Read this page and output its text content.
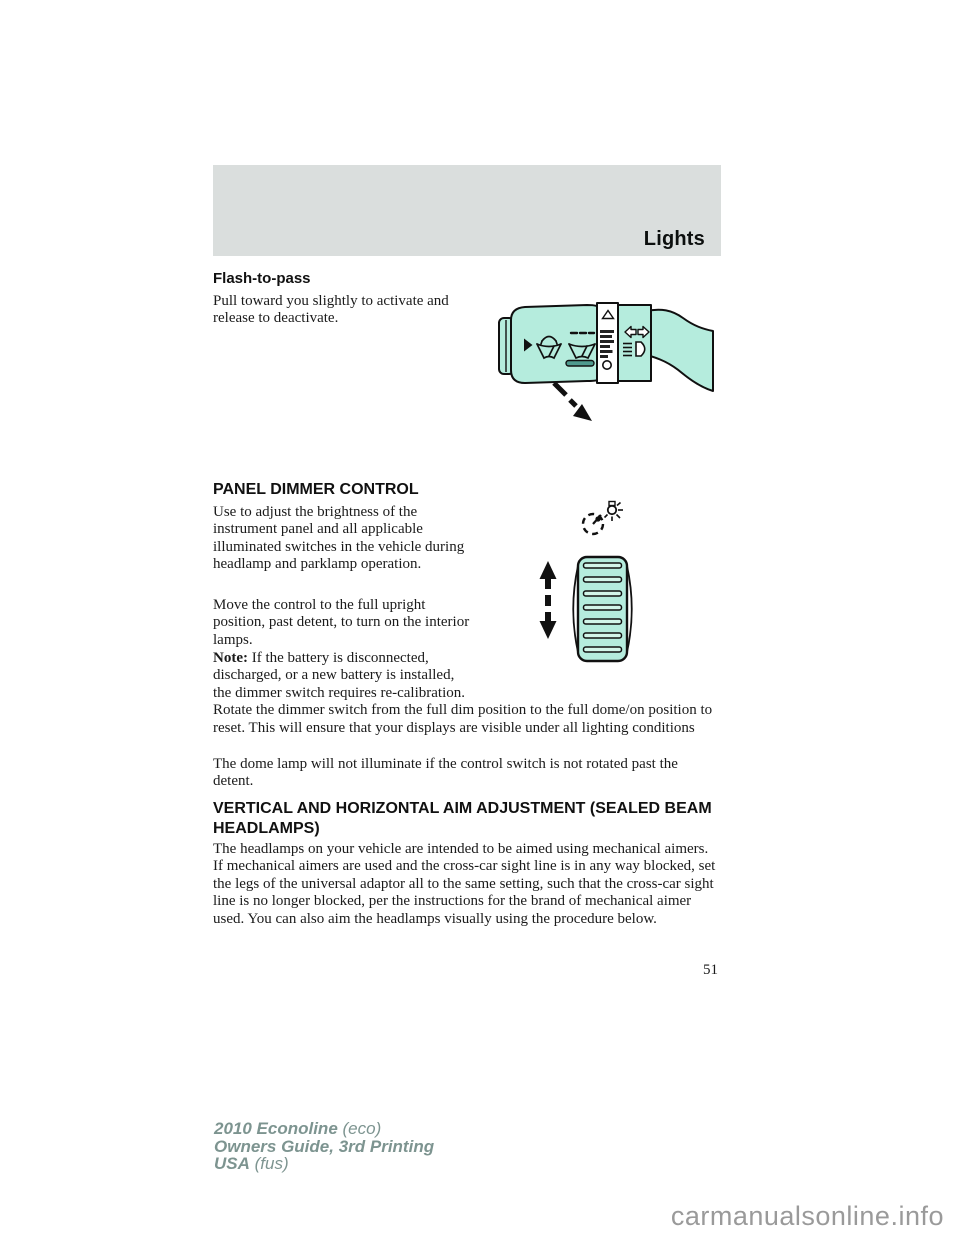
Lights
Flash-to-pass

Pull toward you slightly to activate and release to deactivate.

PANEL DIMMER CONTROL

Use to adjust the brightness of the instrument panel and all applicable illuminated switches in the vehicle during headlamp and parklamp operation.

Move the control to the full upright position, past detent, to turn on the interior lamps.

Note: If the battery is disconnected, discharged, or a new battery is installed, the dimmer switch requires re-calibration. Rotate the dimmer switch from the full dim position to the full dome/on position to reset. This will ensure that your displays are visible under all lighting conditions

The dome lamp will not illuminate if the control switch is not rotated past the detent.

VERTICAL AND HORIZONTAL AIM ADJUSTMENT (SEALED BEAM HEADLAMPS)

The headlamps on your vehicle are intended to be aimed using mechanical aimers. If mechanical aimers are used and the cross-car sight line is in any way blocked, set the legs of the universal adaptor all to the same setting, such that the cross-car sight line is no longer blocked, per the instructions for the brand of mechanical aimer used. You can also aim the headlamps visually using the procedure below.

51
2010 Econoline (eco)
Owners Guide, 3rd Printing
USA (fus)
carmanualsonline.info
